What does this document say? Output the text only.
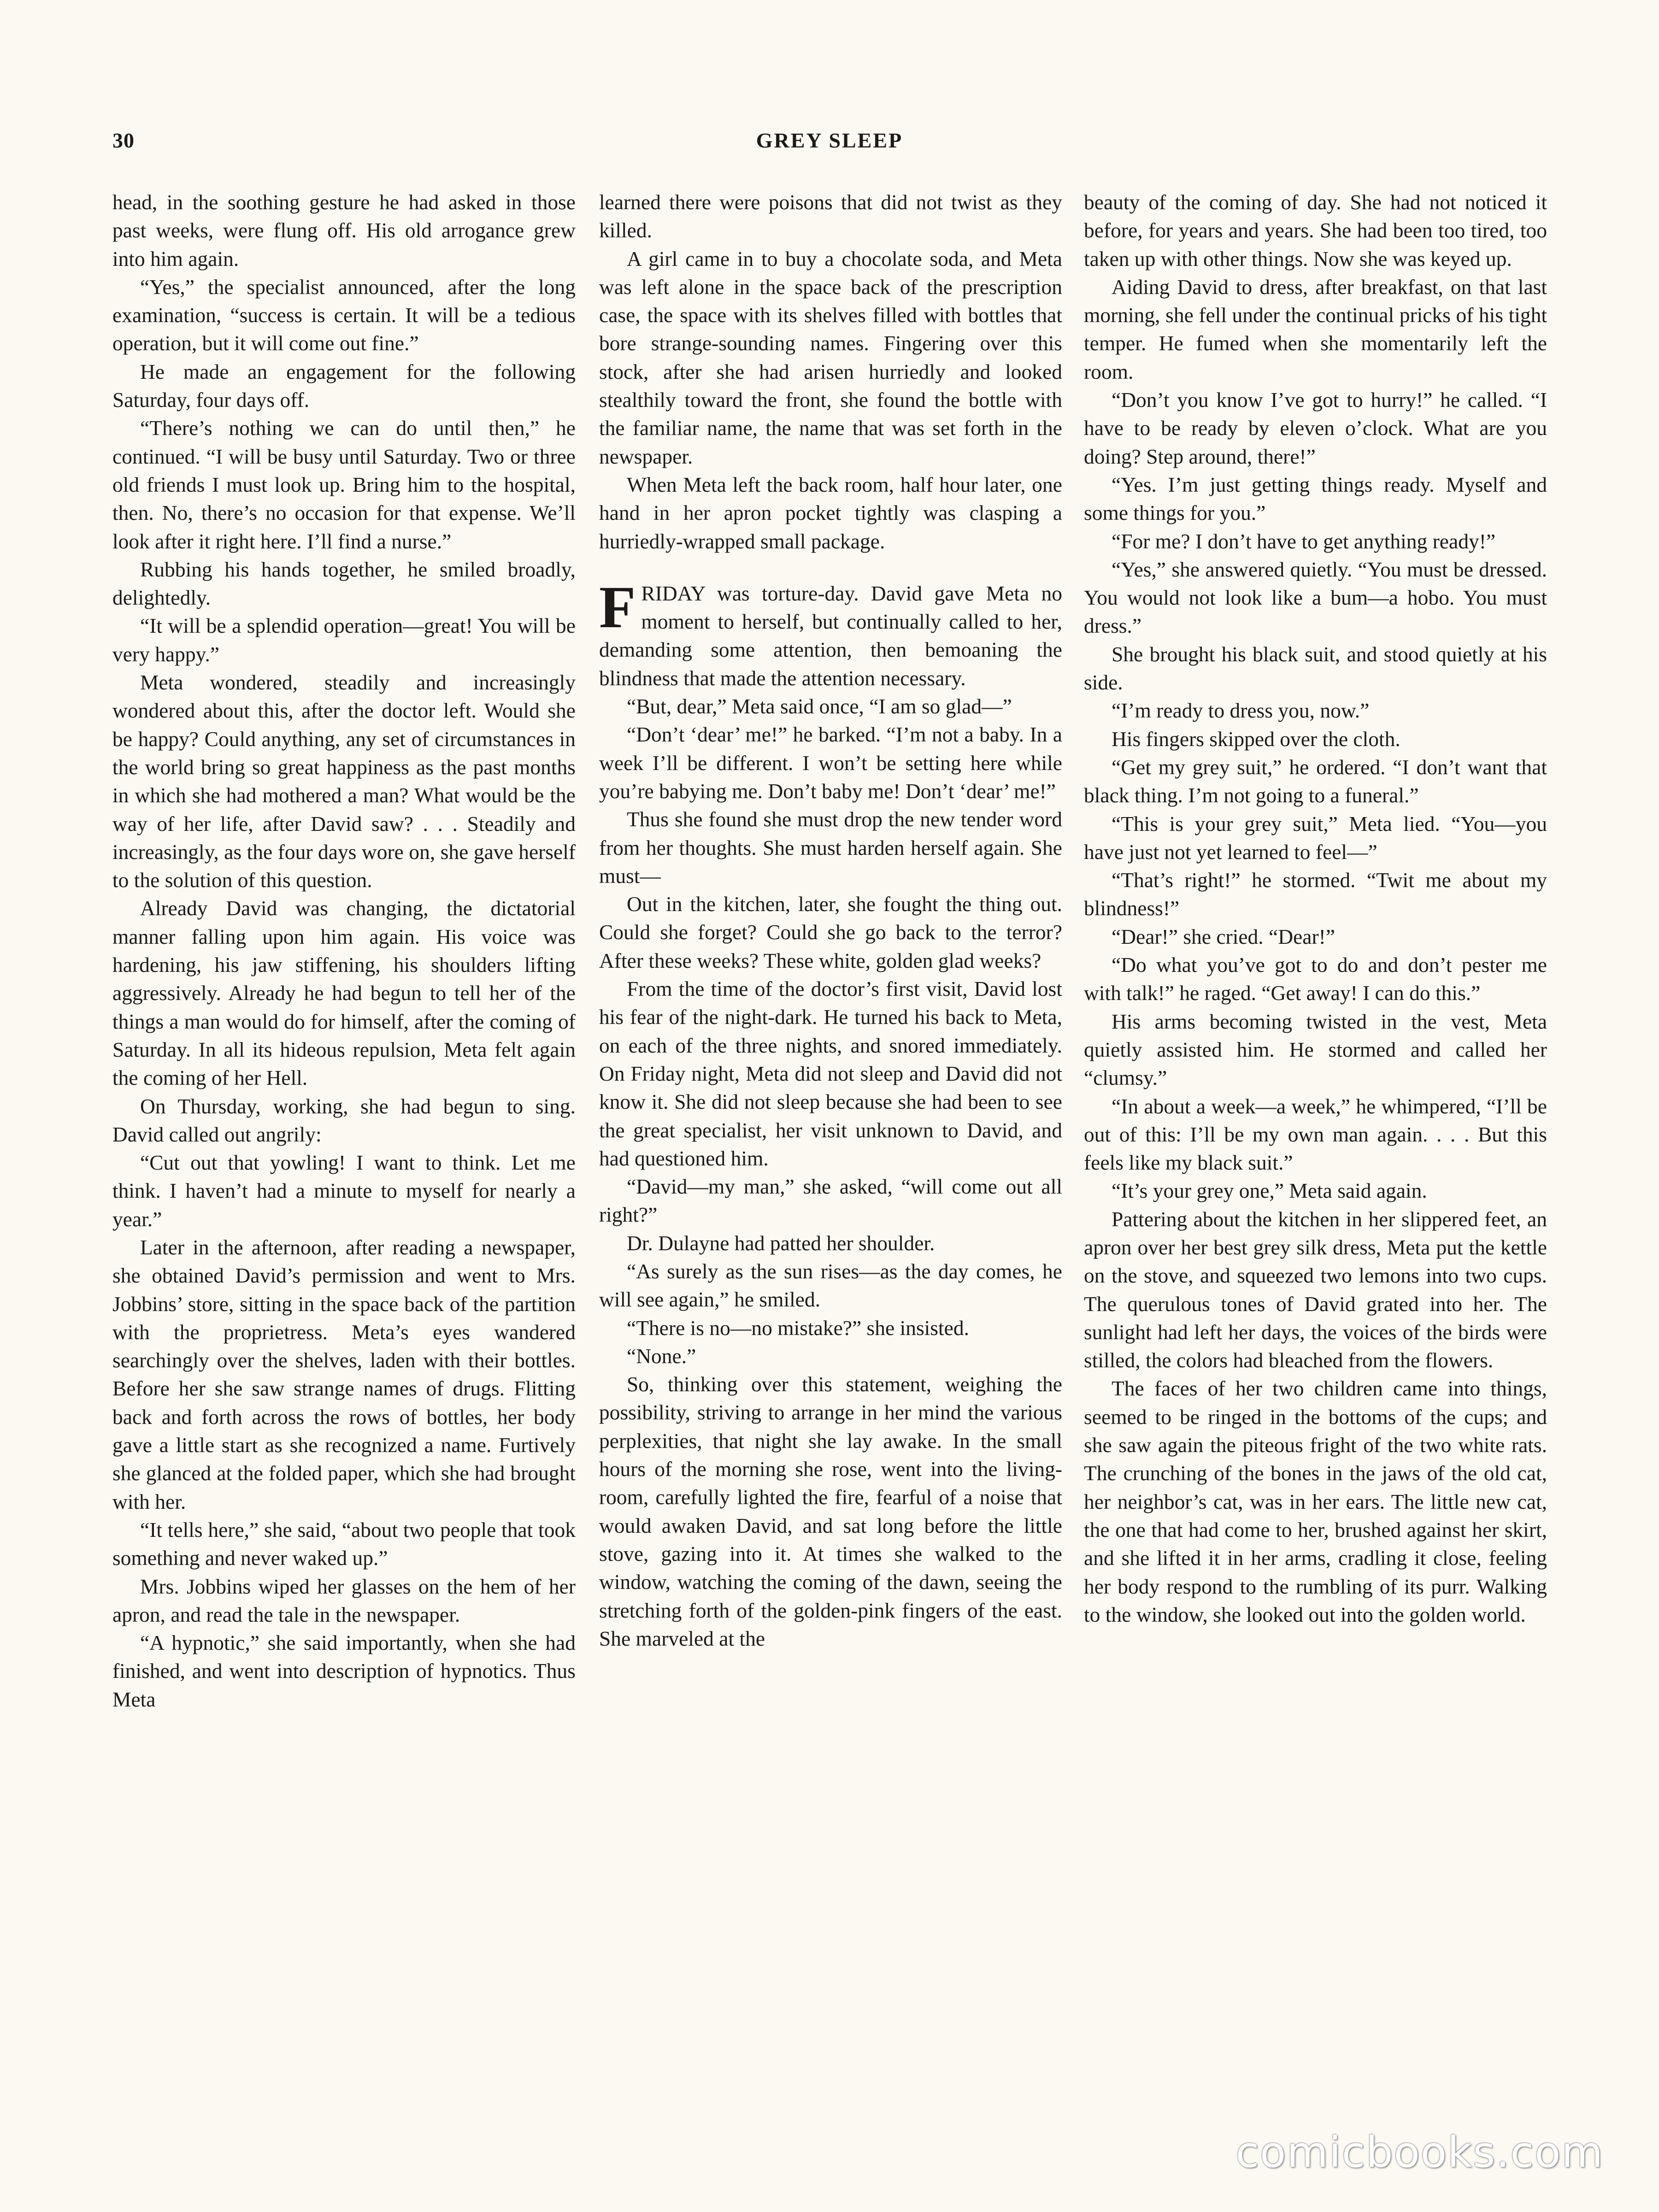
30	GREY SLEEP

head, in the soothing gesture he had asked in those past weeks, were flung off. His old arrogance grew into him again.

“Yes,” the specialist announced, after the long examination, “success is certain. It will be a tedious operation, but it will come out fine.”

He made an engagement for the following Saturday, four days off.

“There’s nothing we can do until then,” he continued. “I will be busy until Saturday. Two or three old friends I must look up. Bring him to the hospital, then. No, there’s no occasion for that expense. We’ll look after it right here. I’ll find a nurse.”

Rubbing his hands together, he smiled broadly, delightedly.

“It will be a splendid operation—great! You will be very happy.”

Meta wondered, steadily and increasingly wondered about this, after the doctor left. Would she be happy? Could anything, any set of circumstances in the world bring so great happiness as the past months in which she had mothered a man? What would be the way of her life, after David saw? . . . Steadily and increasingly, as the four days wore on, she gave herself to the solution of this question.

Already David was changing, the dictatorial manner falling upon him again. His voice was hardening, his jaw stiffening, his shoulders lifting aggressively. Already he had begun to tell her of the things a man would do for himself, after the coming of Saturday. In all its hideous repulsion, Meta felt again the coming of her Hell.

On Thursday, working, she had begun to sing. David called out angrily:

“Cut out that yowling! I want to think. Let me think. I haven’t had a minute to myself for nearly a year.”

Later in the afternoon, after reading a newspaper, she obtained David’s permission and went to Mrs. Jobbins’ store, sitting in the space back of the partition with the proprietress. Meta’s eyes wandered searchingly over the shelves, laden with their bottles. Before her she saw strange names of drugs. Flitting back and forth across the rows of bottles, her body gave a little start as she recognized a name. Furtively she glanced at the folded paper, which she had brought with her.

“It tells here,” she said, “about two people that took something and never waked up.”

Mrs. Jobbins wiped her glasses on the hem of her apron, and read the tale in the newspaper.

“A hypnotic,” she said importantly, when she had finished, and went into description of hypnotics. Thus Meta

learned there were poisons that did not twist as they killed.

A girl came in to buy a chocolate soda, and Meta was left alone in the space back of the prescription case, the space with its shelves filled with bottles that bore strange-sounding names. Fingering over this stock, after she had arisen hurriedly and looked stealthily toward the front, she found the bottle with the familiar name, the name that was set forth in the newspaper.

When Meta left the back room, half hour later, one hand in her apron pocket tightly was clasping a hurriedly-wrapped small package.

FRIDAY was torture-day. David gave Meta no moment to herself, but continually called to her, demanding some attention, then bemoaning the blindness that made the attention necessary.

“But, dear,” Meta said once, “I am so glad—”

“Don’t ‘dear’ me!” he barked. “I’m not a baby. In a week I’ll be different. I won’t be setting here while you’re babying me. Don’t baby me! Don’t ‘dear’ me!”

Thus she found she must drop the new tender word from her thoughts. She must harden herself again. She must—

Out in the kitchen, later, she fought the thing out. Could she forget? Could she go back to the terror? After these weeks? These white, golden glad weeks?

From the time of the doctor’s first visit, David lost his fear of the night-dark. He turned his back to Meta, on each of the three nights, and snored immediately. On Friday night, Meta did not sleep and David did not know it. She did not sleep because she had been to see the great specialist, her visit unknown to David, and had questioned him.

“David—my man,” she asked, “will come out all right?”

Dr. Dulayne had patted her shoulder.

“As surely as the sun rises—as the day comes, he will see again,” he smiled.

“There is no—no mistake?” she insisted.

“None.”

So, thinking over this statement, weighing the possibility, striving to arrange in her mind the various perplexities, that night she lay awake. In the small hours of the morning she rose, went into the living-room, carefully lighted the fire, fearful of a noise that would awaken David, and sat long before the little stove, gazing into it. At times she walked to the window, watching the coming of the dawn, seeing the stretching forth of the golden-pink fingers of the east. She marveled at the

beauty of the coming of day. She had not noticed it before, for years and years. She had been too tired, too taken up with other things. Now she was keyed up.

Aiding David to dress, after breakfast, on that last morning, she fell under the continual pricks of his tight temper. He fumed when she momentarily left the room.

“Don’t you know I’ve got to hurry!” he called. “I have to be ready by eleven o’clock. What are you doing? Step around, there!”

“Yes. I’m just getting things ready. Myself and some things for you.”

“For me? I don’t have to get anything ready!”

“Yes,” she answered quietly. “You must be dressed. You would not look like a bum—a hobo. You must dress.”

She brought his black suit, and stood quietly at his side.

“I’m ready to dress you, now.”

His fingers skipped over the cloth.

“Get my grey suit,” he ordered. “I don’t want that black thing. I’m not going to a funeral.”

“This is your grey suit,” Meta lied. “You—you have just not yet learned to feel—”

“That’s right!” he stormed. “Twit me about my blindness!”

“Dear!” she cried. “Dear!”

“Do what you’ve got to do and don’t pester me with talk!” he raged. “Get away! I can do this.”

His arms becoming twisted in the vest, Meta quietly assisted him. He stormed and called her “clumsy.”

“In about a week—a week,” he whimpered, “I’ll be out of this: I’ll be my own man again. . . . But this feels like my black suit.”

“It’s your grey one,” Meta said again.

Pattering about the kitchen in her slippered feet, an apron over her best grey silk dress, Meta put the kettle on the stove, and squeezed two lemons into two cups. The querulous tones of David grated into her. The sunlight had left her days, the voices of the birds were stilled, the colors had bleached from the flowers.

The faces of her two children came into things, seemed to be ringed in the bottoms of the cups; and she saw again the piteous fright of the two white rats. The crunching of the bones in the jaws of the old cat, her neighbor’s cat, was in her ears. The little new cat, the one that had come to her, brushed against her skirt, and she lifted it in her arms, cradling it close, feeling her body respond to the rumbling of its purr. Walking to the window, she looked out into the golden world.

comicbooks.com
